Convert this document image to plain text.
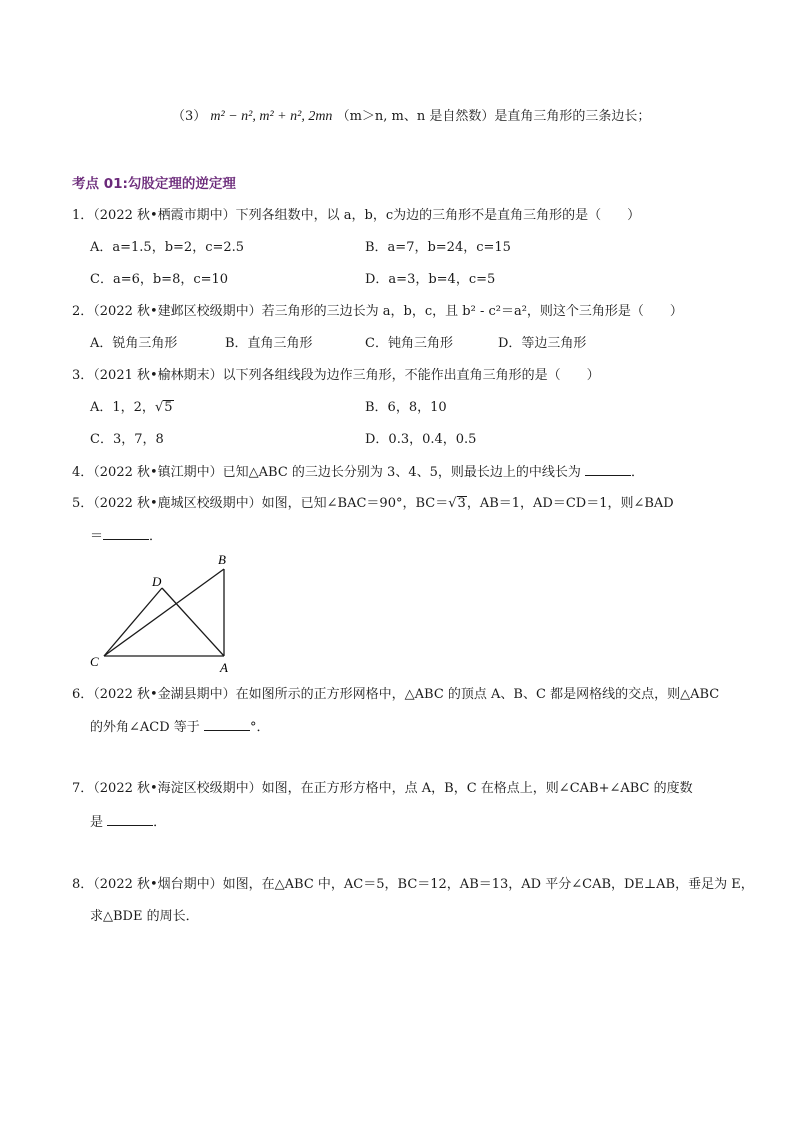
（3） m² − n², m² + n², 2mn （m＞n, m、n 是自然数）是直角三角形的三条边长；
考点 01:勾股定理的逆定理
1．（2022 秋•栖霞市期中）下列各组数中，以 a，b，c为边的三角形不是直角三角形的是（　　）
A．a=1.5，b=2，c=2.5	B．a=7，b=24，c=15
C．a=6，b=8，c=10	D．a=3，b=4，c=5
2．（2022 秋•建邺区校级期中）若三角形的三边长为 a，b，c，且 b² - c²＝a²，则这个三角形是（　　）
A．锐角三角形	B．直角三角形	C．钝角三角形	D．等边三角形
3．（2021 秋•榆林期末）以下列各组线段为边作三角形，不能作出直角三角形的是（　　）
A．1，2，√5	B．6，8，10
C．3，7，8	D．0.3，0.4，0.5
4．（2022 秋•镇江期中）已知△ABC 的三边长分别为 3、4、5，则最长边上的中线长为	．
5．（2022 秋•鹿城区校级期中）如图，已知∠BAC＝90°，BC＝√3，AB＝1，AD＝CD＝1，则∠BAD
＝	．
B
D
C	A
6．（2022 秋•金湖县期中）在如图所示的正方形网格中，△ABC 的顶点 A、B、C 都是网格线的交点，则△ABC
的外角∠ACD 等于	°．
7．（2022 秋•海淀区校级期中）如图，在正方形方格中，点 A，B，C 在格点上，则∠CAB+∠ABC 的度数
是	．
8．（2022 秋•烟台期中）如图，在△ABC 中，AC＝5，BC＝12，AB＝13，AD 平分∠CAB，DE⊥AB，垂足为 E，
求△BDE 的周长．
